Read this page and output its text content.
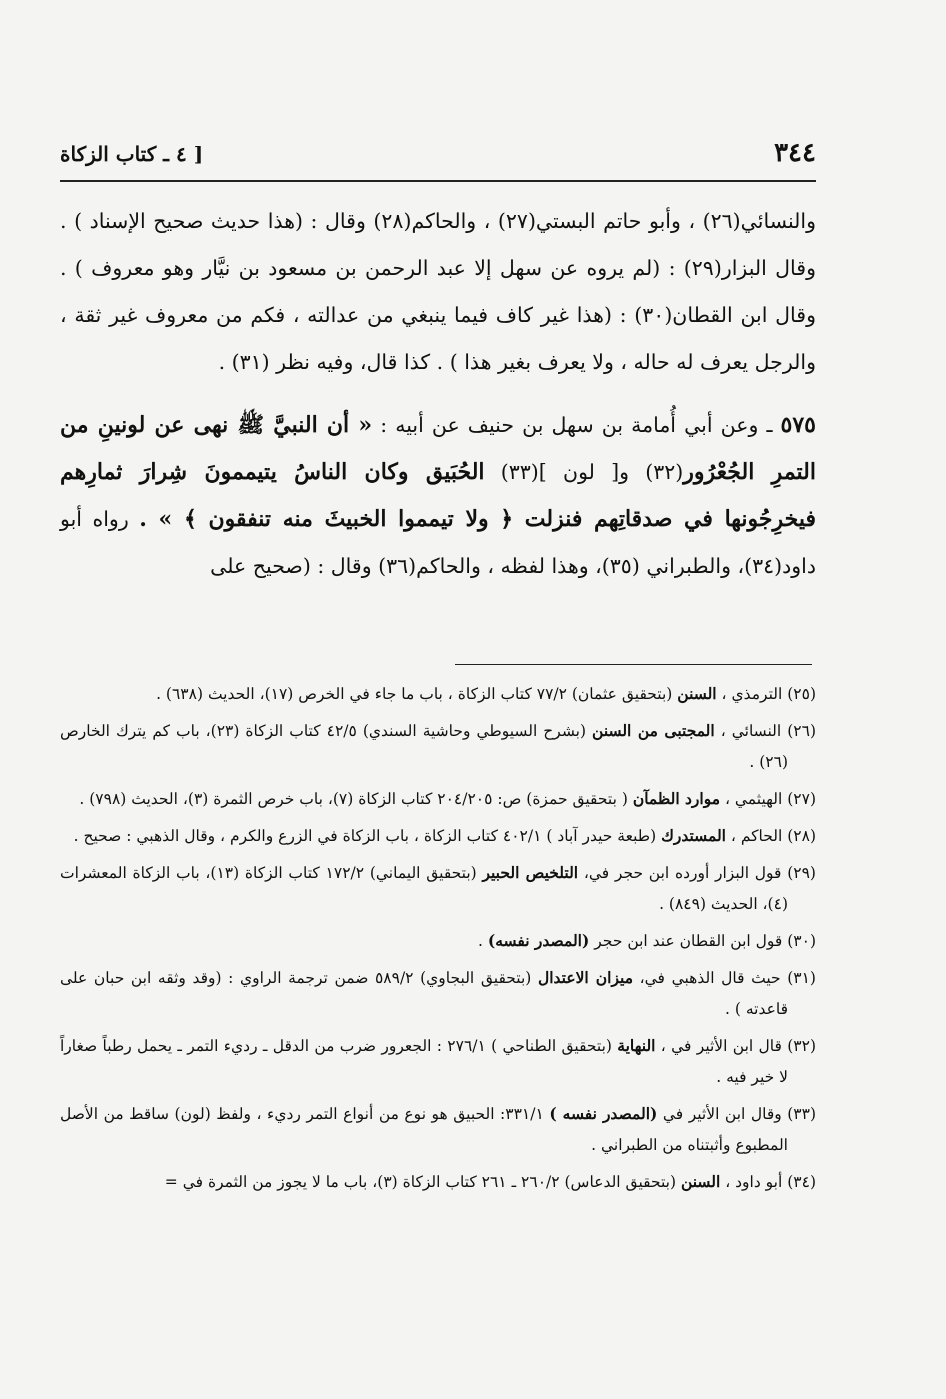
٣٤٤
[ ٤ ـ كتاب الزكاة

والنسائي(٢٦) ، وأبو حاتم البستي(٢٧) ، والحاكم(٢٨) وقال : (هذا حديث صحيح الإسناد ) . وقال البزار(٢٩) : (لم يروه عن سهل إلا عبد الرحمن بن مسعود بن نيَّار وهو معروف ) . وقال ابن القطان(٣٠) : (هذا غير كاف فيما ينبغي من عدالته ، فكم من معروف غير ثقة ، والرجل يعرف له حاله ، ولا يعرف بغير هذا ) . كذا قال، وفيه نظر (٣١) .

٥٧٥ ـ وعن أبي أُمامة بن سهل بن حنيف عن أبيه : « أن النبيَّ ﷺ نهى عن لونينِ من التمرِ الجُعْرُور(٣٢) و[ لون ](٣٣) الحُبَيق وكان الناسُ يتيممونَ شِرارَ ثمارِهم فيخرِجُونها في صدقاتِهم فنزلت ﴿ ولا تيمموا الخبيثَ منه تنفقون ﴾ » . رواه أبو داود(٣٤)، والطبراني (٣٥)، وهذا لفظه ، والحاكم(٣٦) وقال : (صحيح على

(٢٥) الترمذي ، السنن (بتحقيق عثمان) ٧٧/٢ كتاب الزكاة ، باب ما جاء في الخرص (١٧)، الحديث (٦٣٨) .

(٢٦) النسائي ، المجتبى من السنن (بشرح السيوطي وحاشية السندي) ٤٢/٥ كتاب الزكاة (٢٣)، باب كم يترك الخارص (٢٦) .

(٢٧) الهيثمي ، موارد الظمآن ( بتحقيق حمزة) ص: ٢٠٤/٢٠٥ كتاب الزكاة (٧)، باب خرص الثمرة (٣)، الحديث (٧٩٨) .

(٢٨) الحاكم ، المستدرك (طبعة حيدر آباد ) ٤٠٢/١ كتاب الزكاة ، باب الزكاة في الزرع والكرم ، وقال الذهبي : صحيح .

(٢٩) قول البزار أورده ابن حجر في، التلخيص الحبير (بتحقيق اليماني) ١٧٢/٢ كتاب الزكاة (١٣)، باب الزكاة المعشرات (٤)، الحديث (٨٤٩) .

(٣٠) قول ابن القطان عند ابن حجر (المصدر نفسه) .

(٣١) حيث قال الذهبي في، ميزان الاعتدال (بتحقيق البجاوي) ٥٨٩/٢ ضمن ترجمة الراوي : (وقد وثقه ابن حبان على قاعدته ) .

(٣٢) قال ابن الأثير في ، النهاية (بتحقيق الطناحي ) ٢٧٦/١ : الجعرور ضرب من الدقل ـ رديء التمر ـ يحمل رطباً صغاراً لا خير فيه .

(٣٣) وقال ابن الأثير في (المصدر نفسه ) ٣٣١/١: الحبيق هو نوع من أنواع التمر رديء ، ولفظ (لون) ساقط من الأصل المطبوع وأثبتناه من الطبراني .

(٣٤) أبو داود ، السنن (بتحقيق الدعاس) ٢٦٠/٢ ـ ٢٦١ كتاب الزكاة (٣)، باب ما لا يجوز من الثمرة في =
